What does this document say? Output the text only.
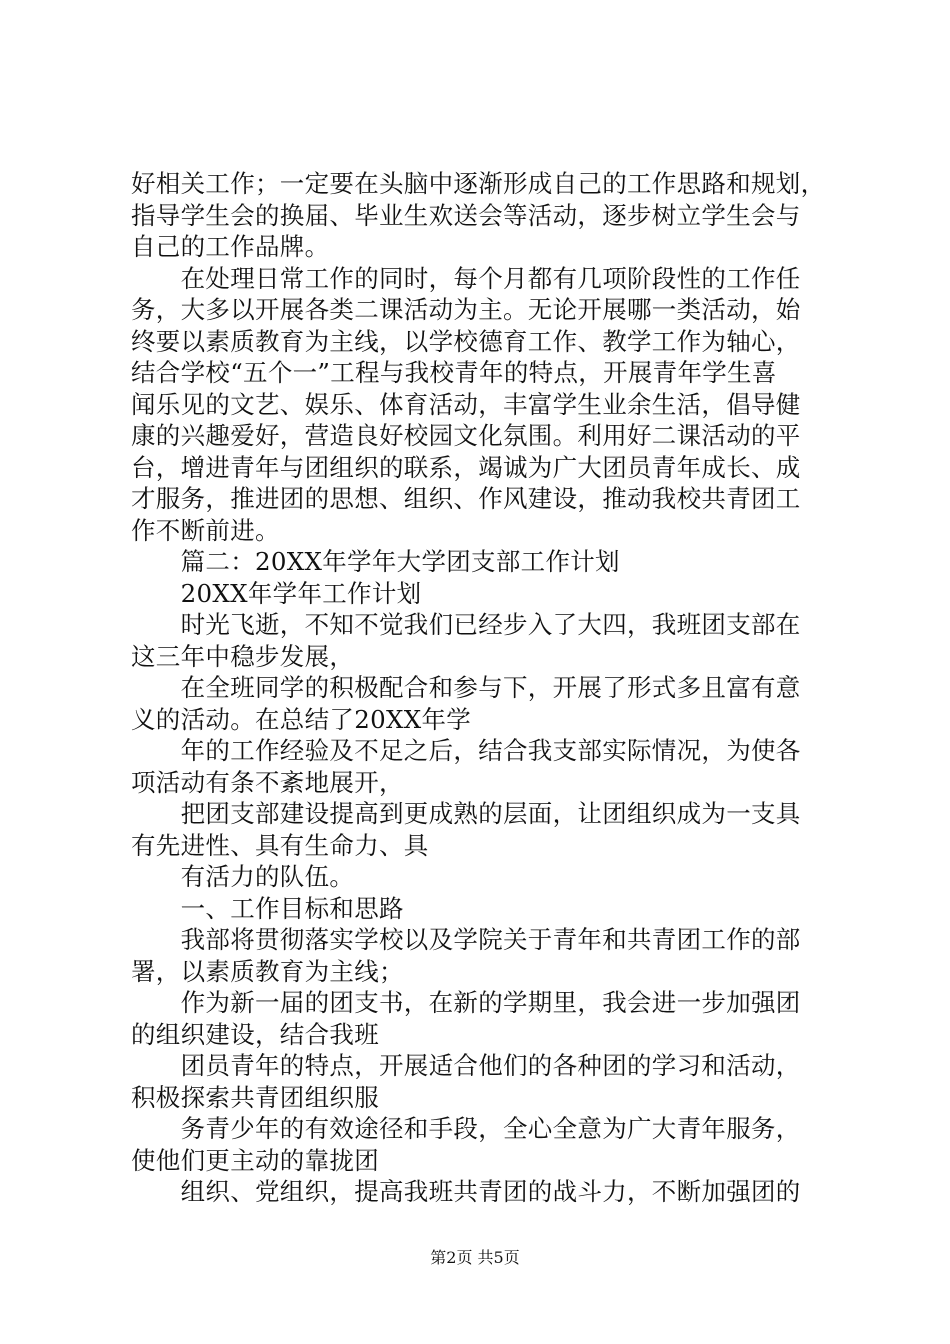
好相关工作；一定要在头脑中逐渐形成自己的工作思路和规划，
指导学生会的换届、毕业生欢送会等活动，逐步树立学生会与
自己的工作品牌。
　　在处理日常工作的同时，每个月都有几项阶段性的工作任
务，大多以开展各类二课活动为主。无论开展哪一类活动，始
终要以素质教育为主线，以学校德育工作、教学工作为轴心，
结合学校“五个一”工程与我校青年的特点，开展青年学生喜
闻乐见的文艺、娱乐、体育活动，丰富学生业余生活，倡导健
康的兴趣爱好，营造良好校园文化氛围。利用好二课活动的平
台，增进青年与团组织的联系，竭诚为广大团员青年成长、成
才服务，推进团的思想、组织、作风建设，推动我校共青团工
作不断前进。
　　篇二：20XX年学年大学团支部工作计划
　　20XX年学年工作计划
　　时光飞逝，不知不觉我们已经步入了大四，我班团支部在
这三年中稳步发展，
　　在全班同学的积极配合和参与下，开展了形式多且富有意
义的活动。在总结了20XX年学
　　年的工作经验及不足之后，结合我支部实际情况，为使各
项活动有条不紊地展开，
　　把团支部建设提高到更成熟的层面，让团组织成为一支具
有先进性、具有生命力、具
　　有活力的队伍。
　　一、工作目标和思路
　　我部将贯彻落实学校以及学院关于青年和共青团工作的部
署，以素质教育为主线；
　　作为新一届的团支书，在新的学期里，我会进一步加强团
的组织建设，结合我班
　　团员青年的特点，开展适合他们的各种团的学习和活动，
积极探索共青团组织服
　　务青少年的有效途径和手段，全心全意为广大青年服务，
使他们更主动的靠拢团
　　组织、党组织，提高我班共青团的战斗力，不断加强团的
第2页 共5页
